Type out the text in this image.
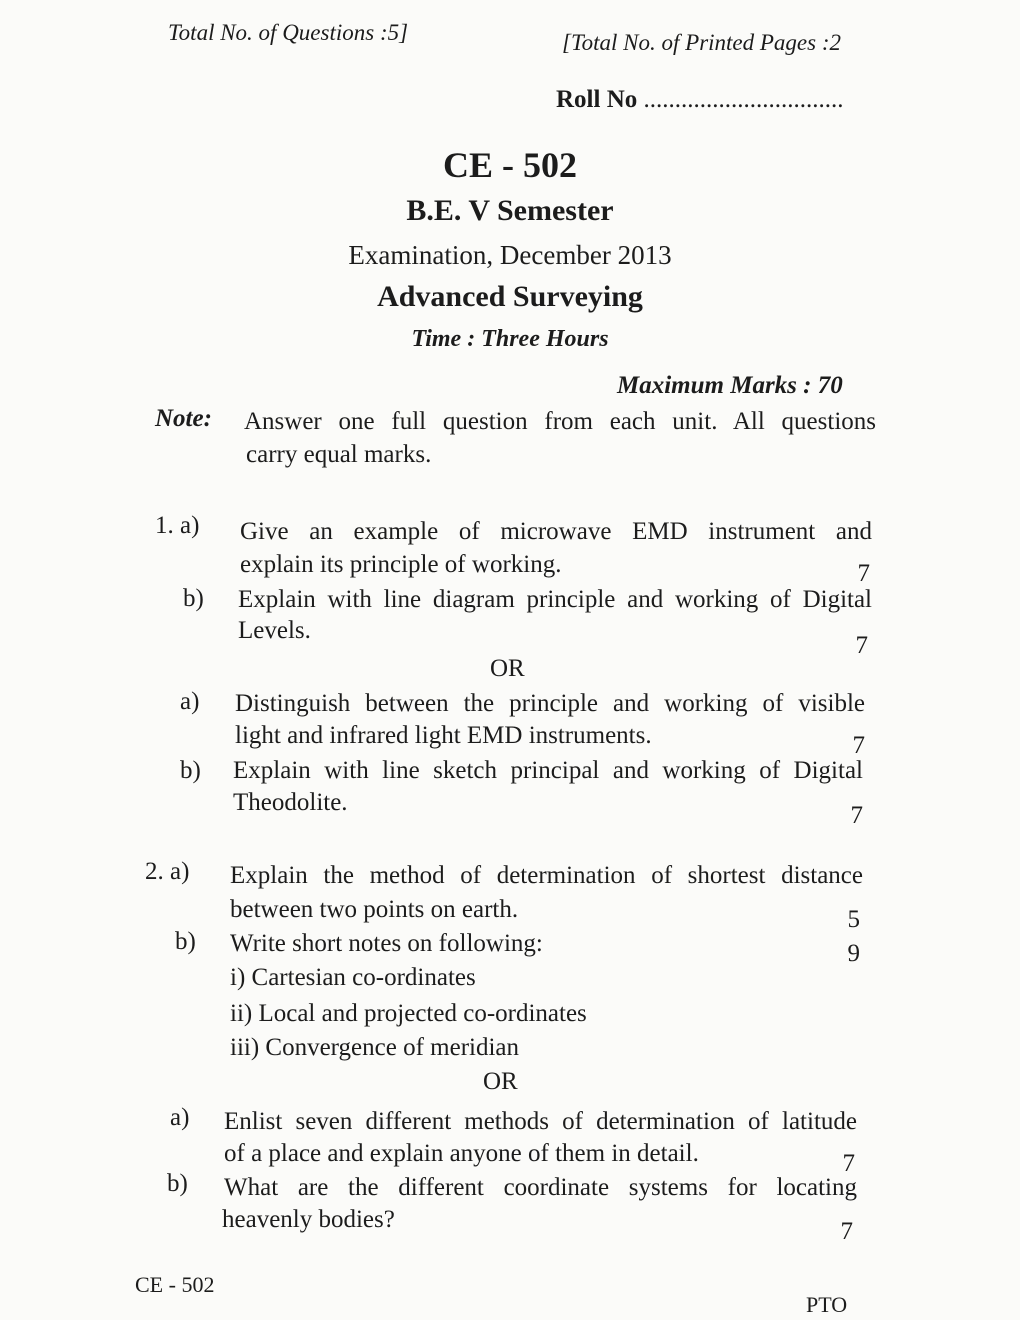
Total No. of Questions :5]	[Total No. of Printed Pages :2
Roll No ................................
CE - 502
B.E. V Semester
Examination, December 2013
Advanced Surveying
Time : Three Hours
Maximum Marks : 70
Note: Answer one full question from each unit. All questions
carry equal marks.
1. a) Give an example of microwave EMD instrument and
explain its principle of working.	7
b) Explain with line diagram principle and working of Digital
Levels.
7
OR
a) Distinguish between the principle and working of visible
light and infrared light EMD instruments.	7
b) Explain with line sketch principal and working of Digital
Theodolite.	7
2. a) Explain the method of determination of shortest distance
between two points on earth.	5
b) Write short notes on following:	9
i) Cartesian co-ordinates
ii) Local and projected co-ordinates
iii) Convergence of meridian
OR
a) Enlist seven different methods of determination of latitude
of a place and explain anyone of them in detail.	7
b) What are the different coordinate systems for locating
heavenly bodies?	7
CE - 502
PTO
